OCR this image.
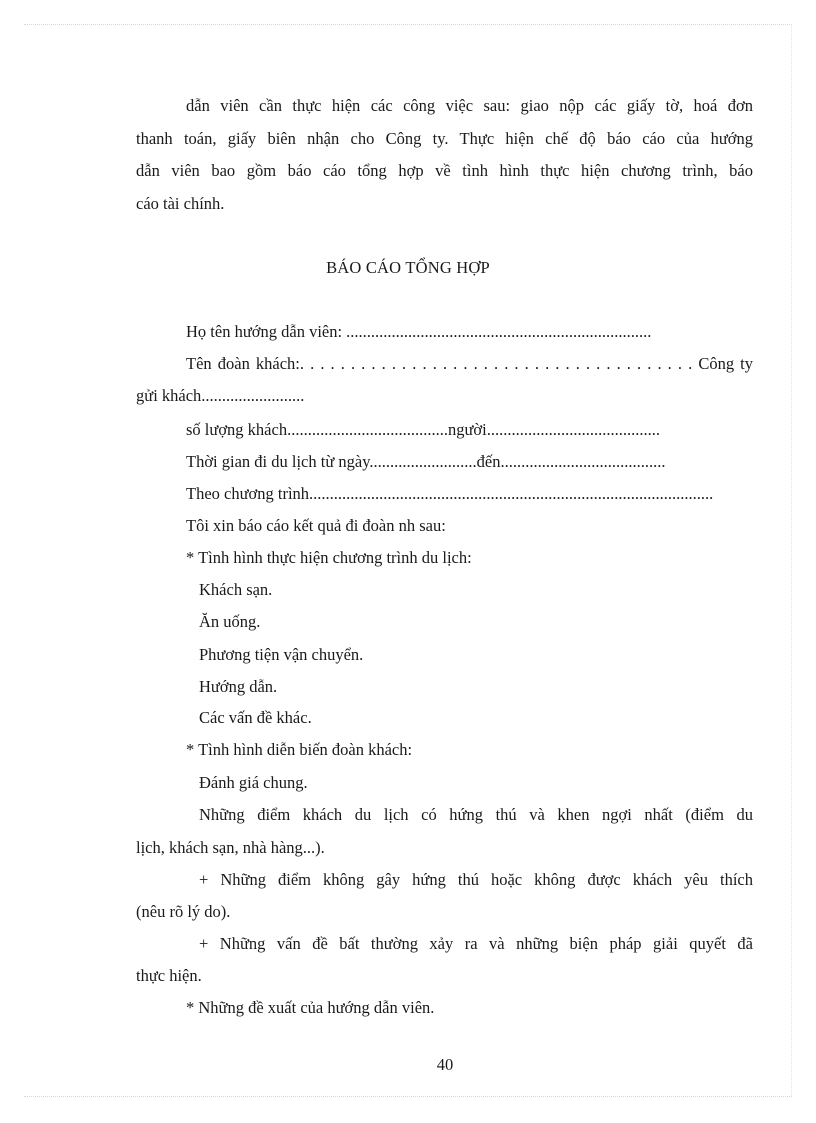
dẫn viên cần thực hiện các công việc sau: giao nộp các giấy tờ, hoá đơn
thanh toán, giấy biên nhận cho Công ty. Thực hiện chế độ báo cáo của hướng
dẫn viên bao gồm báo cáo tổng hợp về tình hình thực hiện chương trình, báo
cáo tài chính.
BÁO CÁO TỔNG HỢP
Họ tên hướng dẫn viên: ..........................................................................
Tên đoàn khách:. . . . . . . . . . . . . . . . . . . . . . . . . . . . . . . . . . . . . . . Công ty
gửi khách.........................
số lượng khách.......................................người..........................................
Thời gian đi du lịch từ ngày..........................đến........................................
Theo chương trình..................................................................................................
Tôi xin báo cáo kết quả đi đoàn nh sau:
* Tình hình thực hiện chương trình du lịch:
Khách sạn.
Ăn uống.
Phương tiện vận chuyển.
Hướng dẫn.
Các vấn đề khác.
* Tình hình diễn biến đoàn khách:
Đánh giá chung.
Những điểm khách du lịch có hứng thú và khen ngợi nhất (điểm du
lịch, khách sạn, nhà hàng...).
+ Những điểm không gây hứng thú hoặc không được khách yêu thích
(nêu rõ lý do).
+ Những vấn đề bất thường xảy ra và những biện pháp giải quyết đã
thực hiện.
* Những đề xuất của hướng dẫn viên.
40
